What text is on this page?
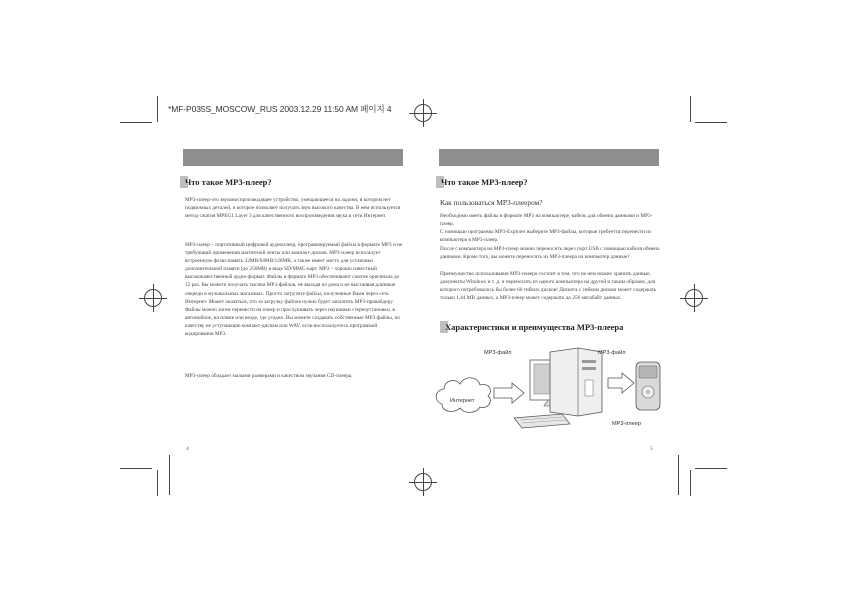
*MF-P035S_MOSCOW_RUS 2003.12.29 11:50 AM 페이지 4
Что такое MP3-плеер?

MP3-плеер-это звуковоспроизводящее устройство, умещающееся на ладони, в котором нет подвижных деталей, и которое позволяет получать звук высокого качества. В нем используется метод сжатия MPEG1 Layer 3 для качественного воспроизведения звука в сети Интернет.

MP3-плеер – портативный цифровой аудиоплеер, программируемый файлы в формате MP3 и не требующий применения магнитной ленты или компакт-дисков. MP3-плеер использует встроенную флэш-память 32MB/64MB/128MB, а также имеет место для установки дополнительной памяти (до 256MB) в виде SD/MMC-карт. MP3 – хорошо известный высококачественный аудио-формат. Файлы в формате MP3 обеспечивают сжатие оригинала до 12 раз. Вы можете получать тысячи MP3-файлов, не выходя из дома и не выстаивая длинные очереди в музыкальных магазинах. Просто загрузите файлы, полученные Вами через сеть Интернет. Может оказаться, что за загрузку файлов нужно будет заплатить MP3-провайдеру. Файлы можно затем перенести на плеер и прослушивать через наушники стереоустановки, в автомобиле, на пляже или везде, где угодно. Вы можете создавать собственные MP3-файлы, по качеству не уступающие компакт-дискам или WAV, если воспользуетесь программой кодирования MP3.

MP3-плеер обладает малыми размерами и качеством звучания CD-плеера.

4
Что такое MP3-плеер?
Как пользоваться MP3-плеером?

Необходимо иметь файлы в формате MP3 на компьютере, кабель для обмена данными и MP3-плеер.

С помощью программы MP3-Explorer выберите MP3-файлы, которые требуется перенести из компьютера в MP3-плеер.

После с компьютера на MP3-плеер можно переносить через порт USB с помощью кабеля обмена данными. Кроме того, вы можете переносить из MP3-плеера на компьютер данные?

Преимущество использования MP3-плеера состоит в том, что на нем можно хранить данные, документы Windows и т. д. и переносить из одного компьютера на другой и таким образом, для которого потребовалось бы более 60 гибких дисков! Дискета с гибким диском может содержать только 1,44 MB данных, а MP3-плеер может содержать до 256 мегабайт данных.

Характеристики и преимущества MP3-плеера
MP3-файл	MP3-файл
Интернет
MP3-плеер
5
